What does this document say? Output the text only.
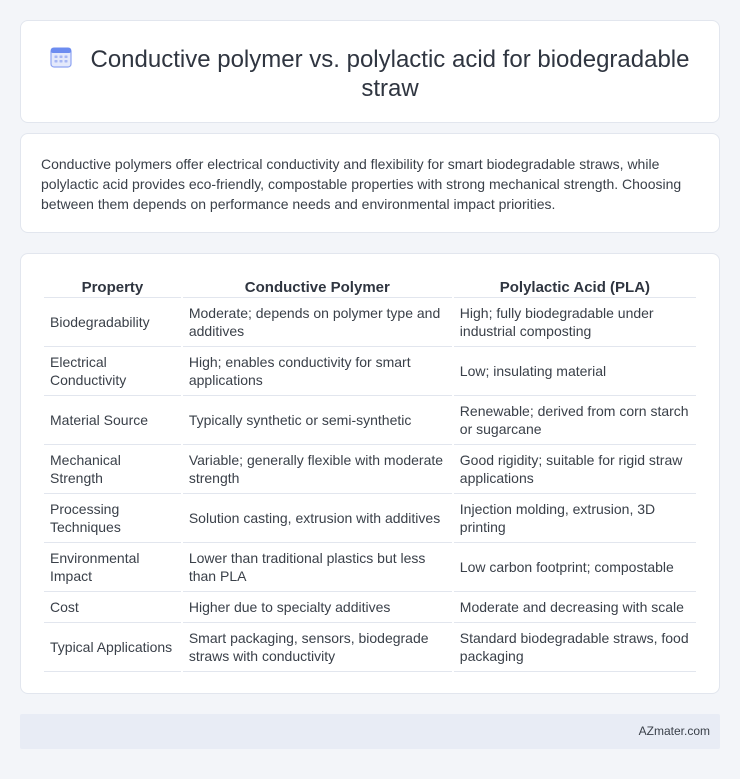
Conductive polymer vs. polylactic acid for biodegradable straw

Conductive polymers offer electrical conductivity and flexibility for smart biodegradable straws, while polylactic acid provides eco-friendly, compostable properties with strong mechanical strength. Choosing between them depends on performance needs and environmental impact priorities.

Property	Conductive Polymer	Polylactic Acid (PLA)
Biodegradability	Moderate; depends on polymer type and additives	High; fully biodegradable under industrial composting
Electrical Conductivity	High; enables conductivity for smart applications	Low; insulating material
Material Source	Typically synthetic or semi-synthetic	Renewable; derived from corn starch or sugarcane
Mechanical Strength	Variable; generally flexible with moderate strength	Good rigidity; suitable for rigid straw applications
Processing Techniques	Solution casting, extrusion with additives	Injection molding, extrusion, 3D printing
Environmental Impact	Lower than traditional plastics but less than PLA	Low carbon footprint; compostable
Cost	Higher due to specialty additives	Moderate and decreasing with scale
Typical Applications	Smart packaging, sensors, biodegrade straws with conductivity	Standard biodegradable straws, food packaging
AZmater.com
